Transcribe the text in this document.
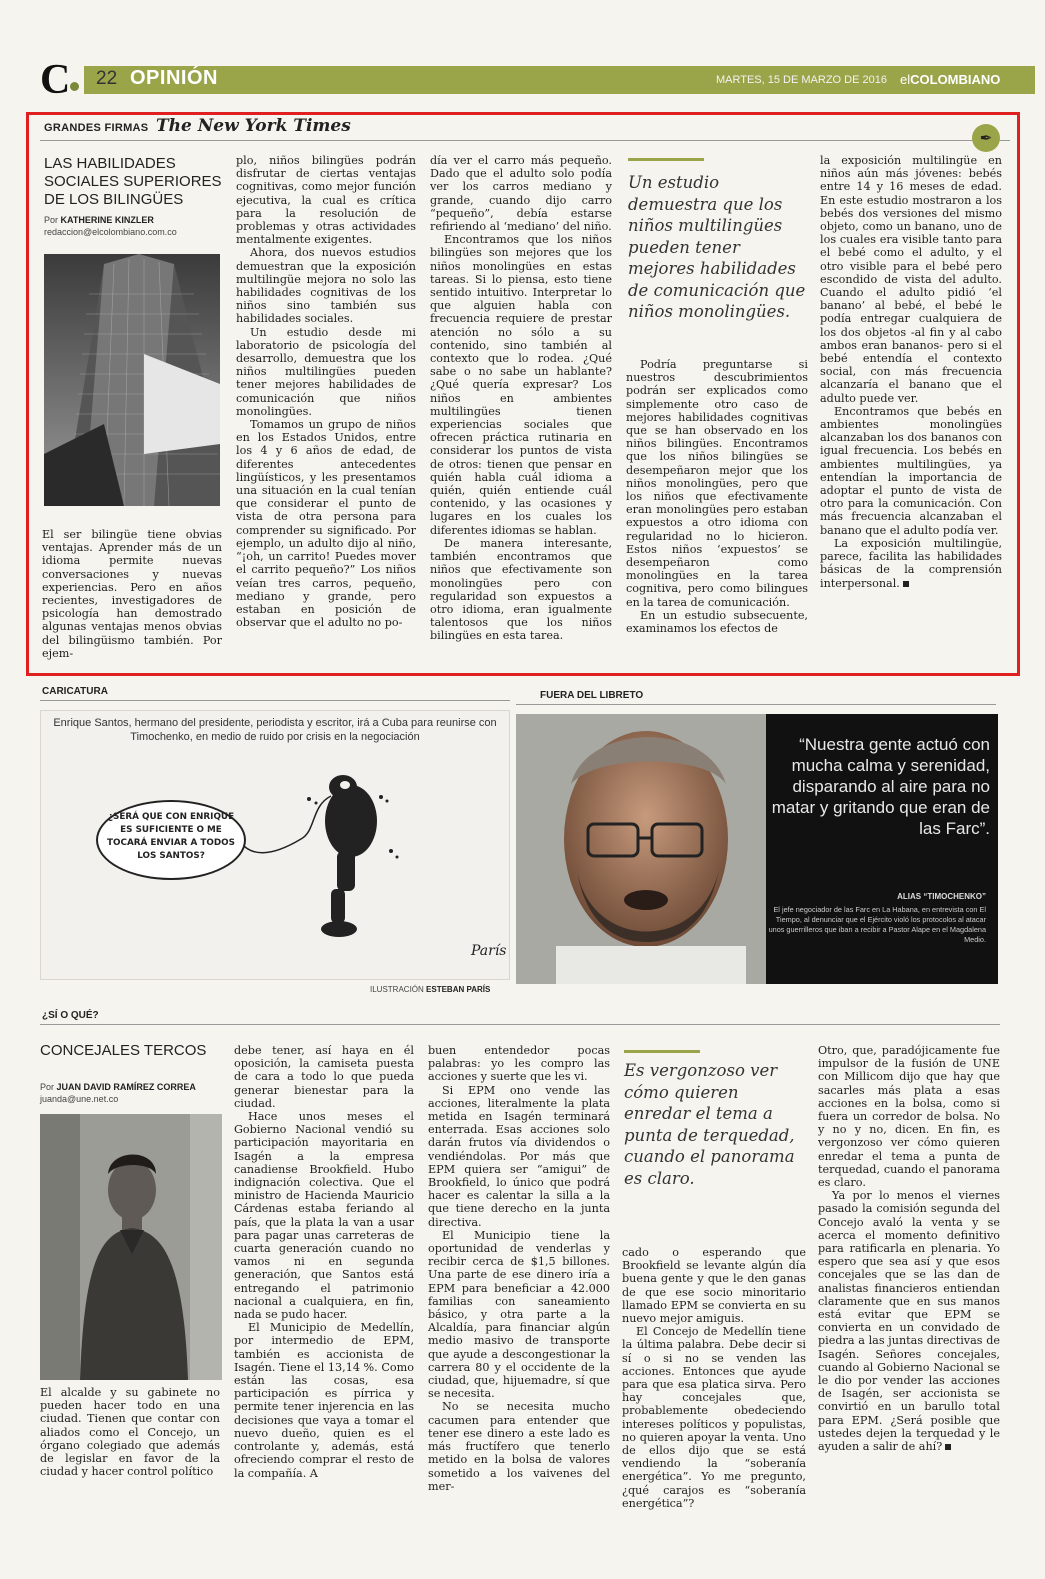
C 22 OPINIÓN	MARTES, 15 DE MARZO DE 2016 elCOLOMBIANO
GRANDES FIRMAS The New York Times
✒
LAS HABILIDADES SOCIALES SUPERIORES DE LOS BILINGÜES
Por KATHERINE KINZLER
redaccion@elcolombiano.com.co

El ser bilingüe tiene obvias ventajas. Aprender más de un idioma permite nuevas conversaciones y nuevas experiencias. Pero en años recientes, investigadores de psicología han demostrado algunas ventajas menos obvias del bilingüismo también. Por ejem-

plo, niños bilingües podrán disfrutar de ciertas ventajas cognitivas, como mejor función ejecutiva, la cual es crítica para la resolución de problemas y otras actividades mentalmente exigentes.

Ahora, dos nuevos estudios demuestran que la exposición multilingüe mejora no solo las habilidades cognitivas de los niños sino también sus habilidades sociales.

Un estudio desde mi laboratorio de psicología del desarrollo, demuestra que los niños multilingües pueden tener mejores habilidades de comunicación que niños monolingües.

Tomamos un grupo de niños en los Estados Unidos, entre los 4 y 6 años de edad, de diferentes antecedentes lingüísticos, y les presentamos una situación en la cual tenían que considerar el punto de vista de otra persona para comprender su significado. Por ejemplo, un adulto dijo al niño, “¡oh, un carrito! Puedes mover el carrito pequeño?” Los niños veían tres carros, pequeño, mediano y grande, pero estaban en posición de observar que el adulto no po-

día ver el carro más pequeño. Dado que el adulto solo podía ver los carros mediano y grande, cuando dijo carro “pequeño”, debía estarse refiriendo al ‘mediano’ del niño.

Encontramos que los niños bilingües son mejores que los niños monolingües en estas tareas. Si lo piensa, esto tiene sentido intuitivo. Interpretar lo que alguien habla con frecuencia requiere de prestar atención no sólo a su contenido, sino también al contexto que lo rodea. ¿Qué sabe o no sabe un hablante? ¿Qué quería expresar? Los niños en ambientes multilingües tienen experiencias sociales que ofrecen práctica rutinaria en considerar los puntos de vista de otros: tienen que pensar en quién habla cuál idioma a quién, quién entiende cuál contenido, y las ocasiones y lugares en los cuales los diferentes idiomas se hablan.

De manera interesante, también encontramos que niños que efectivamente son monolingües pero con regularidad son expuestos a otro idioma, eran igualmente talentosos que los niños bilingües en esta tarea.

Un estudio demuestra que los niños multilingües pueden tener mejores habilidades de comunicación que niños monolingües.

Podría preguntarse si nuestros descubrimientos podrán ser explicados como simplemente otro caso de mejores habilidades cognitivas que se han observado en los niños bilingües. Encontramos que los niños bilingües se desempeñaron mejor que los niños monolingües, pero que los niños que efectivamente eran monolingües pero estaban expuestos a otro idioma con regularidad no lo hicieron. Estos niños ‘expuestos’ se desempeñaron como monolingües en la tarea cognitiva, pero como bilingues en la tarea de comunicación.

En un estudio subsecuente, examinamos los efectos de

la exposición multilingüe en niños aún más jóvenes: bebés entre 14 y 16 meses de edad. En este estudio mostraron a los bebés dos versiones del mismo objeto, como un banano, uno de los cuales era visible tanto para el bebé como el adulto, y el otro visible para el bebé pero escondido de vista del adulto. Cuando el adulto pidió ‘el banano’ al bebé, el bebé le podía entregar cualquiera de los dos objetos -al fin y al cabo ambos eran bananos- pero si el bebé entendía el contexto social, con más frecuencia alcanzaría el banano que el adulto puede ver.

Encontramos que bebés en ambientes monolingües alcanzaban los dos bananos con igual frecuencia. Los bebés en ambientes multilingües, ya entendían la importancia de adoptar el punto de vista de otro para la comunicación. Con más frecuencia alcanzaban el banano que el adulto podía ver.

La exposición multilingüe, parece, facilita las habilidades básicas de la comprensión interpersonal.

CARICATURA
París
Enrique Santos, hermano del presidente, periodista y escritor, irá a Cuba para reunirse con Timochenko, en medio de ruido por crisis en la negociación
¿SERÁ QUE CON ENRIQUE ES SUFICIENTE O ME TOCARÁ ENVIAR A TODOS LOS SANTOS?
ILUSTRACIÓN ESTEBAN PARÍS
FUERA DEL LIBRETO
“Nuestra gente actuó con mucha calma y serenidad, disparando al aire para no matar y gritando que eran de las Farc”.
ALIAS “TIMOCHENKO”
El jefe negociador de las Farc en La Habana, en entrevista con El Tiempo, al denunciar que el Ejército violó los protocolos al atacar unos guerrilleros que iban a recibir a Pastor Alape en el Magdalena Medio.
¿SÍ O QUÉ?
CONCEJALES TERCOS
Por JUAN DAVID RAMÍREZ CORREA
juanda@une.net.co

El alcalde y su gabinete no pueden hacer todo en una ciudad. Tienen que contar con aliados como el Concejo, un órgano colegiado que además de legislar en favor de la ciudad y hacer control político

debe tener, así haya en él oposición, la camiseta puesta de cara a todo lo que pueda generar bienestar para la ciudad.

Hace unos meses el Gobierno Nacional vendió su participación mayoritaria en Isagén a la empresa canadiense Brookfield. Hubo indignación colectiva. Que el ministro de Hacienda Mauricio Cárdenas estaba feriando al país, que la plata la van a usar para pagar unas carreteras de cuarta generación cuando no vamos ni en segunda generación, que Santos está entregando el patrimonio nacional a cualquiera, en fin, nada se pudo hacer.

El Municipio de Medellín, por intermedio de EPM, también es accionista de Isagén. Tiene el 13,14 %. Como están las cosas, esa participación es pírrica y permite tener injerencia en las decisiones que vaya a tomar el nuevo dueño, quien es el controlante y, además, está ofreciendo comprar el resto de la compañía. A

buen entendedor pocas palabras: yo les compro las acciones y suerte que les vi.

Si EPM ono vende las acciones, literalmente la plata metida en Isagén terminará enterrada. Esas acciones solo darán frutos vía dividendos o vendiéndolas. Por más que EPM quiera ser “amigui” de Brookfield, lo único que podrá hacer es calentar la silla a la que tiene derecho en la junta directiva.

El Municipio tiene la oportunidad de venderlas y recibir cerca de $1,5 billones. Una parte de ese dinero iría a EPM para beneficiar a 42.000 familias con saneamiento básico, y otra parte a la Alcaldía, para financiar algún medio masivo de transporte que ayude a descongestionar la carrera 80 y el occidente de la ciudad, que, hijuemadre, sí que se necesita.

No se necesita mucho cacumen para entender que tener ese dinero a este lado es más fructífero que tenerlo metido en la bolsa de valores sometido a los vaivenes del mer-

Es vergonzoso ver cómo quieren enredar el tema a punta de terquedad, cuando el panorama es claro.

cado o esperando que Brookfield se levante algún día buena gente y que le den ganas de que ese socio minoritario llamado EPM se convierta en su nuevo mejor amiguis.

El Concejo de Medellín tiene la última palabra. Debe decir si sí o si no se venden las acciones. Entonces que ayude para que esa platica sirva. Pero hay concejales que, probablemente obedeciendo intereses políticos y populistas, no quieren apoyar la venta. Uno de ellos dijo que se está vendiendo la “soberanía energética”. Yo me pregunto, ¿qué carajos es “soberanía energética”?

Otro, que, paradójicamente fue impulsor de la fusión de UNE con Millicom dijo que hay que sacarles más plata a esas acciones en la bolsa, como si fuera un corredor de bolsa. No y no y no, dicen. En fin, es vergonzoso ver cómo quieren enredar el tema a punta de terquedad, cuando el panorama es claro.

Ya por lo menos el viernes pasado la comisión segunda del Concejo avaló la venta y se acerca el momento definitivo para ratificarla en plenaria. Yo espero que sea así y que esos concejales que se las dan de analistas financieros entiendan claramente que en sus manos está evitar que EPM se convierta en un convidado de piedra a las juntas directivas de Isagén. Señores concejales, cuando al Gobierno Nacional se le dio por vender las acciones de Isagén, ser accionista se convirtió en un barullo total para EPM. ¿Será posible que ustedes dejen la terquedad y le ayuden a salir de ahí?
